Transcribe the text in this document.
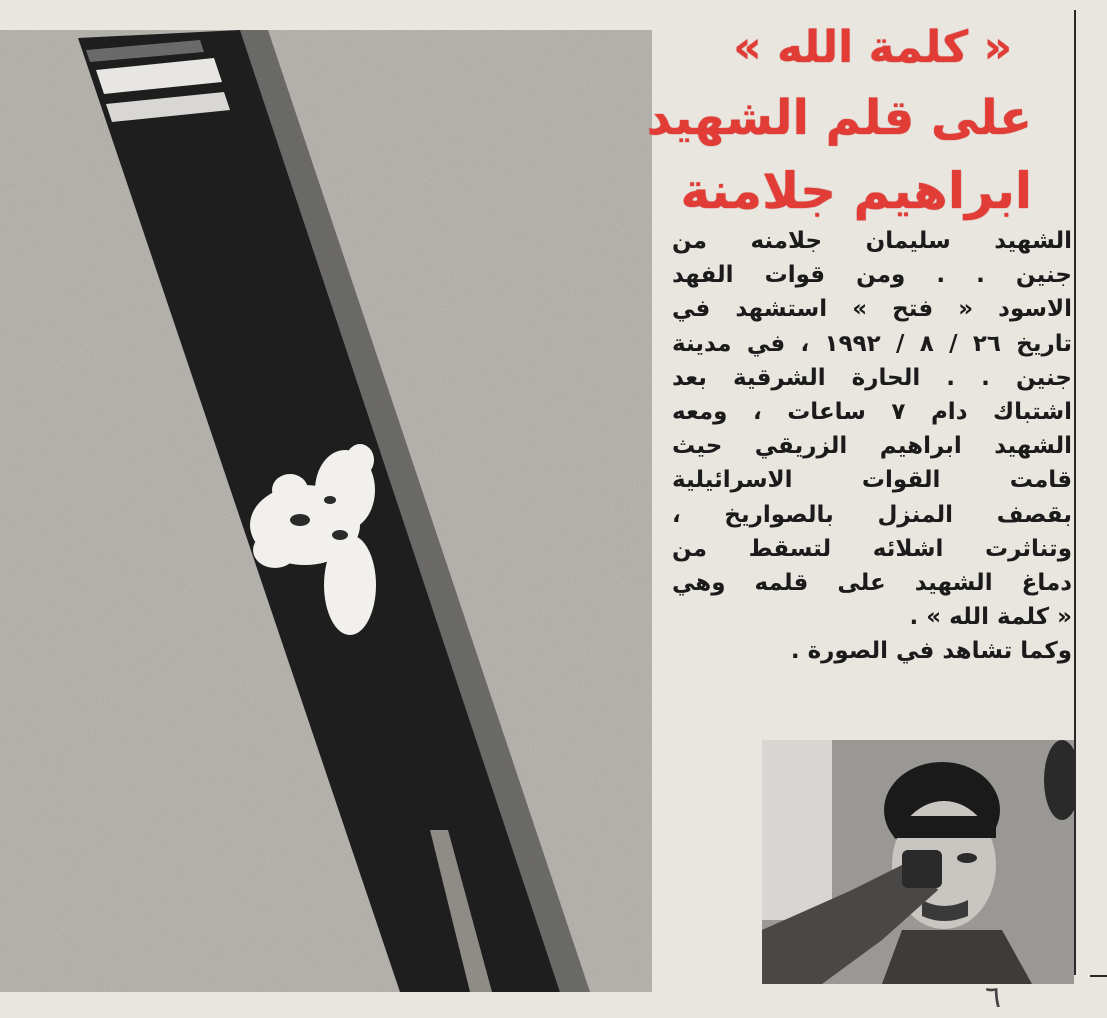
« كلمة الله »
على قلم الشهيد
ابراهيم جلامنة
الشهيد سليمان جلامنه من
جنين . . ومن قوات الفهد
الاسود « فتح » استشهد في
تاريخ ٢٦ / ٨ / ١٩٩٢ ، في مدينة
جنين . . الحارة الشرقية بعد
اشتباك دام ٧ ساعات ، ومعه
الشهيد ابراهيم الزريقي حيث
قامت القوات الاسرائيلية
بقصف المنزل بالصواريخ ،
وتناثرت اشلائه لتسقط من
دماغ الشهيد على قلمه وهي
« كلمة الله » .
وكما تشاهد في الصورة .
٦
